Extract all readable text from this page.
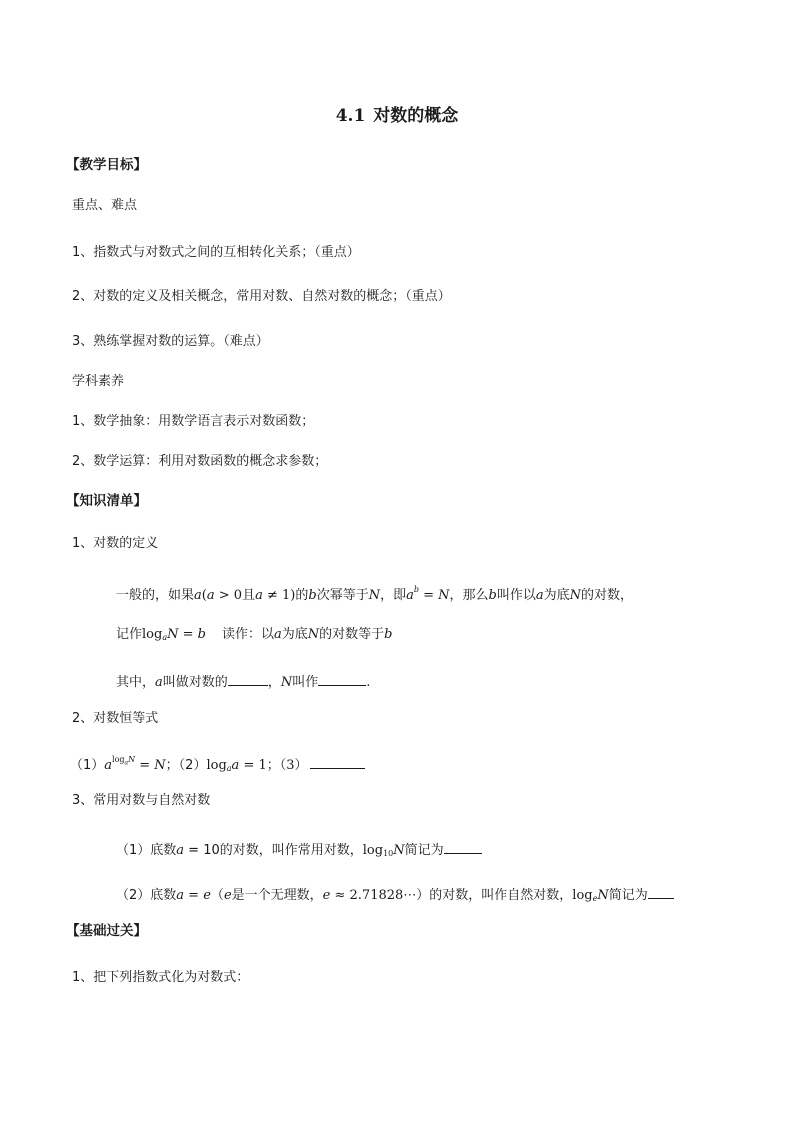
4.1 对数的概念
【教学目标】
重点、难点
1、指数式与对数式之间的互相转化关系；（重点）
2、对数的定义及相关概念，常用对数、自然对数的概念；（重点）
3、熟练掌握对数的运算。（难点）
学科素养
1、数学抽象：用数学语言表示对数函数；
2、数学运算：利用对数函数的概念求参数；
【知识清单】
1、对数的定义
一般的，如果a(a > 0且a ≠ 1)的b次幂等于N，即$a^b = N$，那么b叫作以a为底N的对数，
记作$\log_aN = b$ 读作：以a为底N的对数等于b
其中，a叫做对数的	，N叫作	.
2、对数恒等式
$(1)a^{log_aN} = N$；$(2)\log_aa = 1$；（3）
3、常用对数与自然对数
（1）底数a = 10的对数，叫作常用对数，$\log_{10}N$简记为
（2）底数a = e（e是一个无理数，e ≈ 2.71828⋯）的对数，叫作自然对数，$\log_eN$简记为
【基础过关】
1、把下列指数式化为对数式：
